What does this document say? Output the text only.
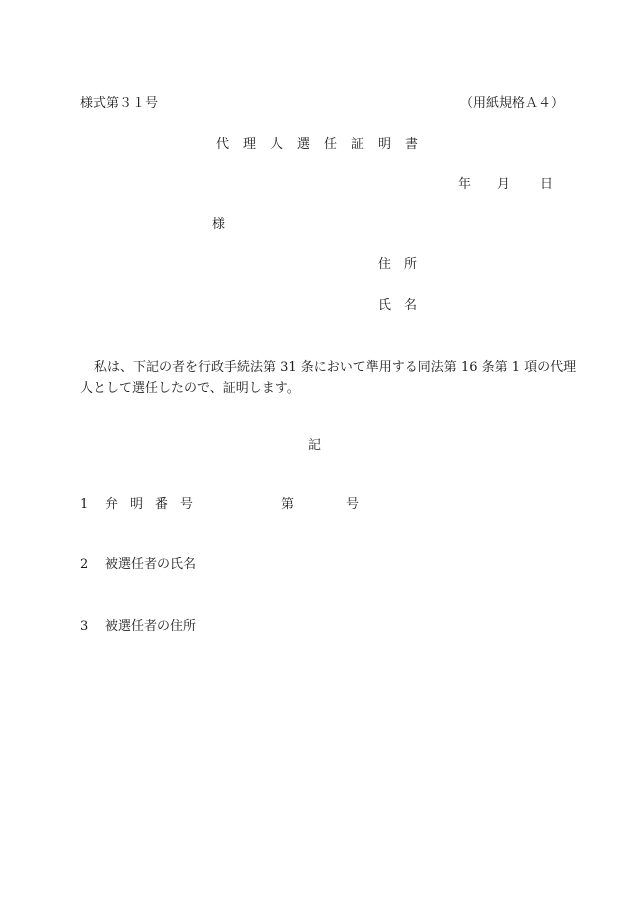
様式第３１号	（用紙規格Ａ４）
代理人選任証明書
年 月 日
様
住所
氏名
私は、下記の者を行政手続法第 31 条において準用する同法第 16 条第 1 項の代理人として選任したので、証明します。
記
1 弁明番号	第	号
2 被選任者の氏名
3 被選任者の住所
